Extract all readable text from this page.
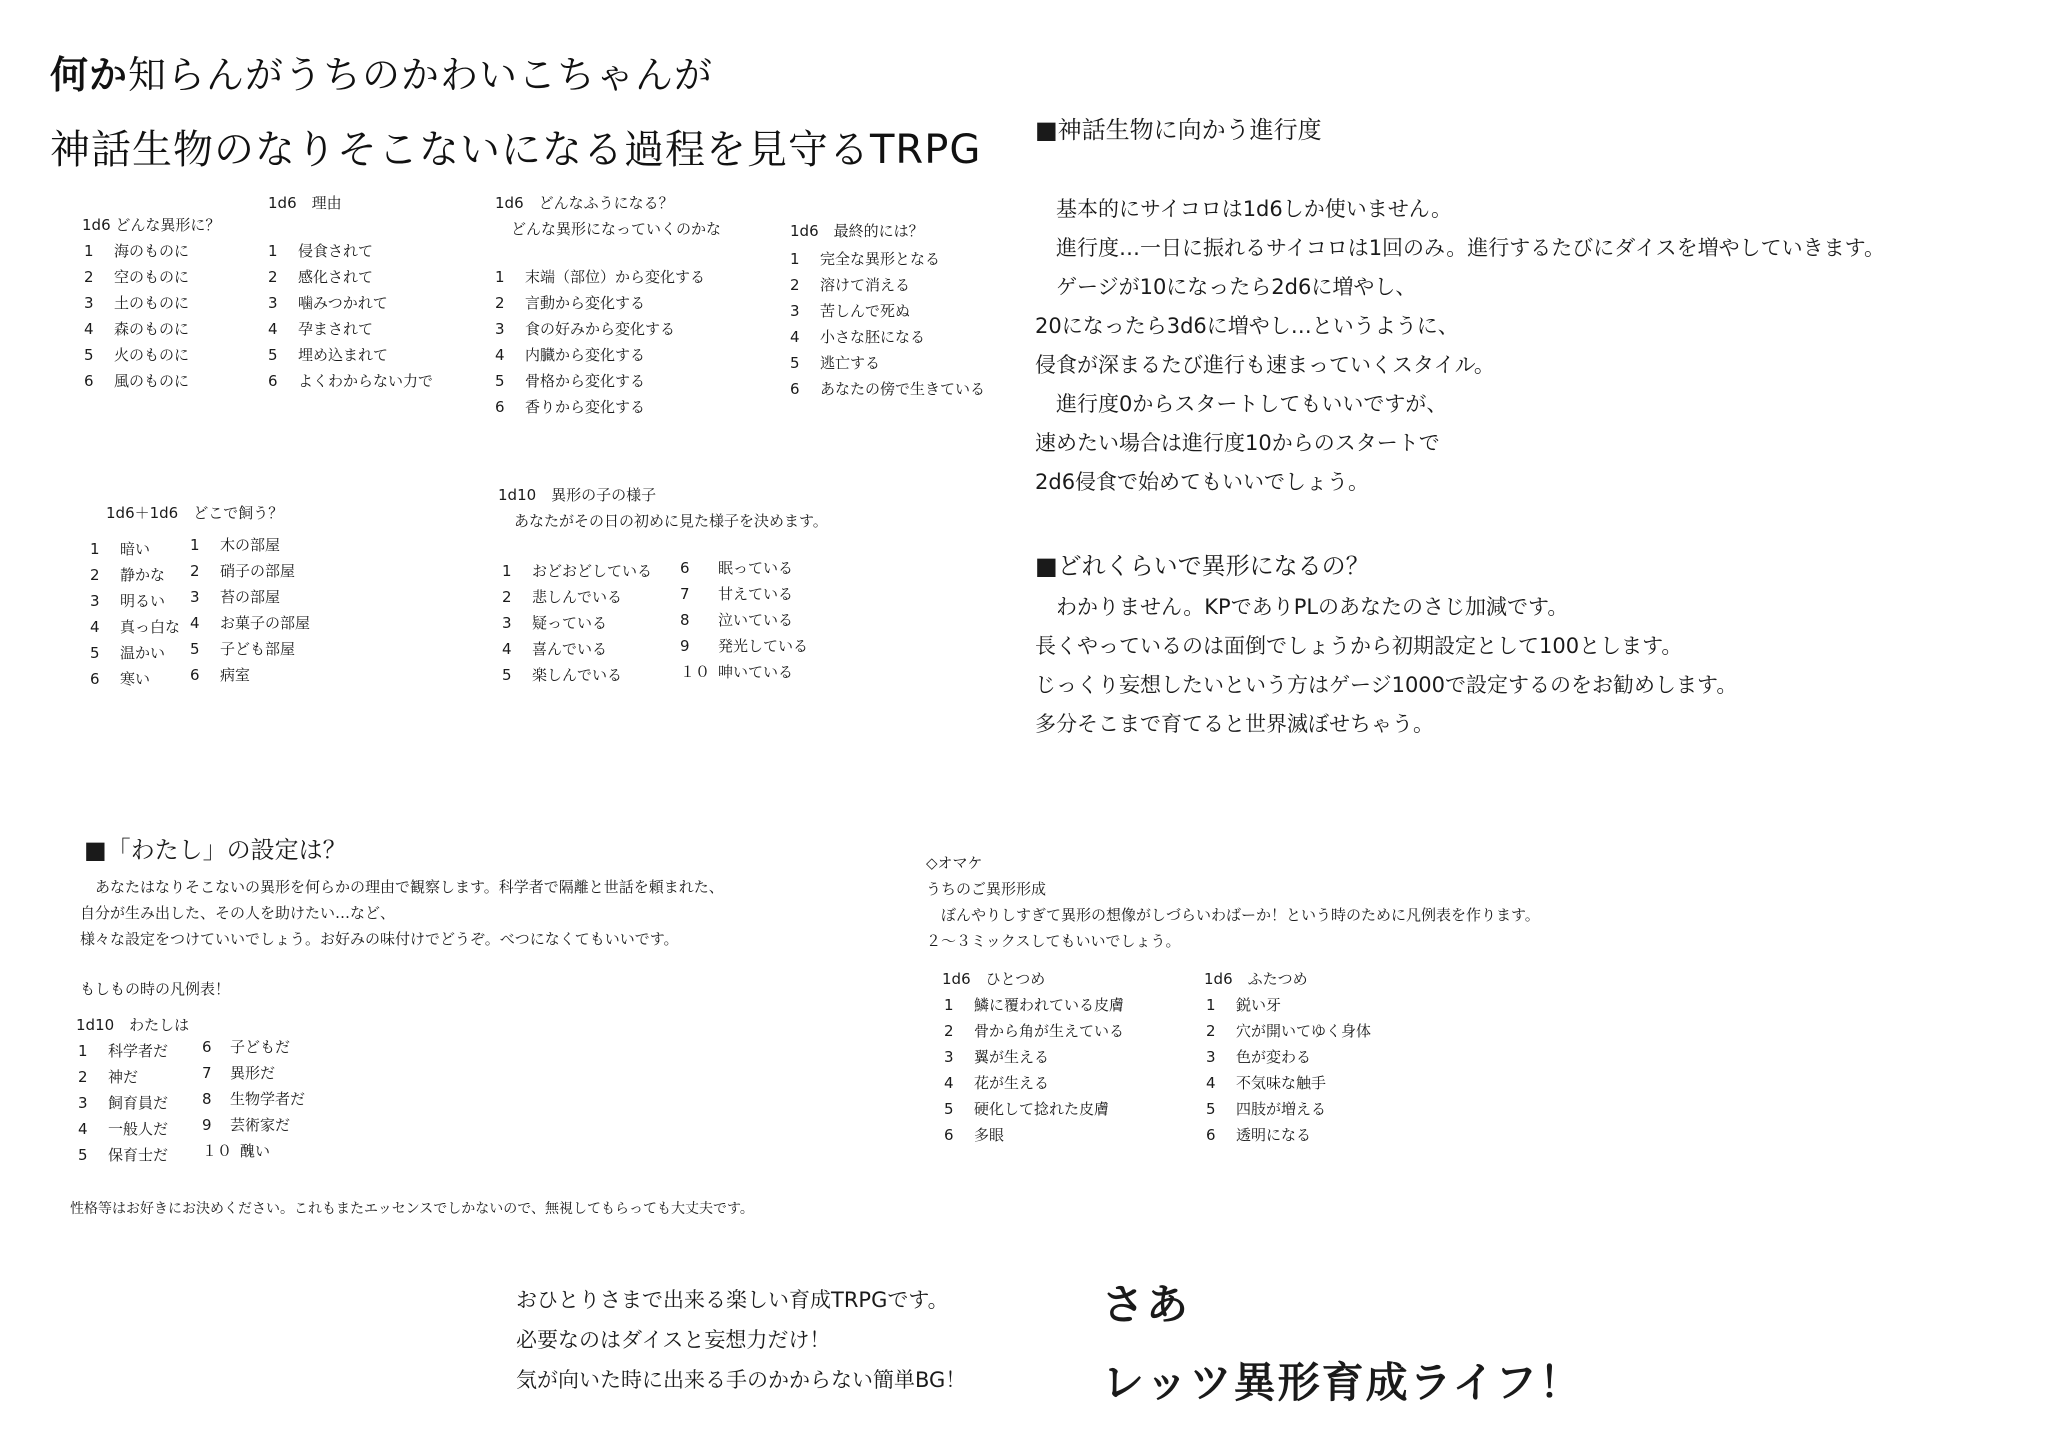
何か知らんがうちのかわいこちゃんが
神話生物のなりそこないになる過程を見守るTRPG
1d6 どんな異形に？
1	海のものに
2	空のものに
3	土のものに
4	森のものに
5	火のものに
6	風のものに
1d6　理由
1	侵食されて
2	感化されて
3	噛みつかれて
4	孕まされて
5	埋め込まれて
6	よくわからない力で
1d6　どんなふうになる？
どんな異形になっていくのかな
1	末端（部位）から変化する
2	言動から変化する
3	食の好みから変化する
4	内臓から変化する
5	骨格から変化する
6	香りから変化する
1d6　最終的には？
1	完全な異形となる
2	溶けて消える
3	苦しんで死ぬ
4	小さな胚になる
5	逃亡する
6	あなたの傍で生きている
1d6＋1d6　どこで飼う？
1	暗い
2	静かな
3	明るい
4	真っ白な
5	温かい
6	寒い
1	木の部屋
2	硝子の部屋
3	苔の部屋
4	お菓子の部屋
5	子ども部屋
6	病室
1d10　異形の子の様子
あなたがその日の初めに見た様子を決めます。
1	おどおどしている
2	悲しんでいる
3	疑っている
4	喜んでいる
5	楽しんでいる
6	眠っている
7	甘えている
8	泣いている
9	発光している
１０ 呻いている
■神話生物に向かう進行度
　基本的にサイコロは1d6しか使いません。
　進行度…一日に振れるサイコロは1回のみ。進行するたびにダイスを増やしていきます。
　ゲージが10になったら2d6に増やし、
20になったら3d6に増やし…というように、
侵食が深まるたび進行も速まっていくスタイル。
　進行度0からスタートしてもいいですが、
速めたい場合は進行度10からのスタートで
2d6侵食で始めてもいいでしょう。
■どれくらいで異形になるの？
　わかりません。KPでありPLのあなたのさじ加減です。
長くやっているのは面倒でしょうから初期設定として100とします。
じっくり妄想したいという方はゲージ1000で設定するのをお勧めします。
多分そこまで育てると世界滅ぼせちゃう。
■「わたし」の設定は？
　あなたはなりそこないの異形を何らかの理由で観察します。科学者で隔離と世話を頼まれた、
自分が生み出した、その人を助けたい…など、
様々な設定をつけていいでしょう。お好みの味付けでどうぞ。べつになくてもいいです。
もしもの時の凡例表！
1d10　わたしは
1	科学者だ
2	神だ
3	飼育員だ
4	一般人だ
5	保育士だ
6	子どもだ
7	異形だ
8	生物学者だ
9	芸術家だ
１０ 醜い
性格等はお好きにお決めください。これもまたエッセンスでしかないので、無視してもらっても大丈夫です。
◇オマケ
うちのご異形形成
　ぼんやりしすぎて異形の想像がしづらいわばーか！という時のために凡例表を作ります。
２～３ミックスしてもいいでしょう。
1d6　ひとつめ
1	鱗に覆われている皮膚
2	骨から角が生えている
3	翼が生える
4	花が生える
5	硬化して捻れた皮膚
6	多眼
1d6　ふたつめ
1	鋭い牙
2	穴が開いてゆく身体
3	色が変わる
4	不気味な触手
5	四肢が増える
6	透明になる
おひとりさまで出来る楽しい育成TRPGです。
必要なのはダイスと妄想力だけ！
気が向いた時に出来る手のかからない簡単BG！
さあ
レッツ異形育成ライフ！
